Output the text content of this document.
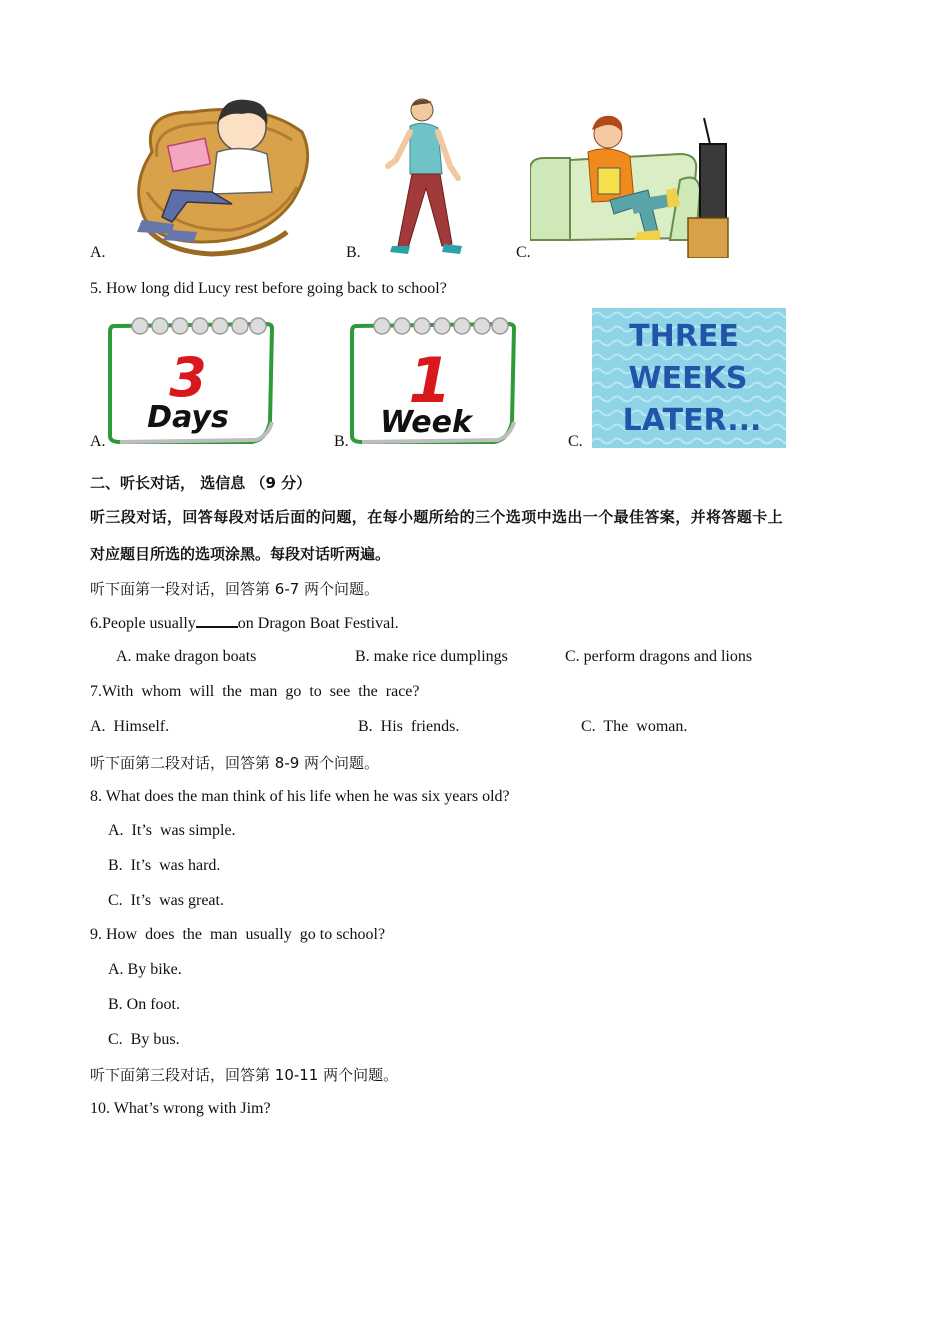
A.	B.	C.
5. How long did Lucy rest before going back to school?
3
Days
A.
1
Week
B.
THREE
WEEKS
LATER...
C.
二、听长对话， 选信息 （9 分）
听三段对话，回答每段对话后面的问题，在每小题所给的三个选项中选出一个最佳答案，并将答题卡上
对应题目所选的选项涂黑。每段对话听两遍。
听下面第一段对话，回答第 6-7 两个问题。
6.People usually	on Dragon Boat Festival.
A. make dragon boats	B. make rice dumplings	C. perform dragons and lions
7.With  whom  will  the  man  go  to  see  the  race?
A.  Himself.	B.  His  friends.	C.  The  woman.
听下面第二段对话，回答第 8-9 两个问题。
8. What does the man think of his life when he was six years old?
A.  It’s  was simple.
B.  It’s  was hard.
C.  It’s  was great.
9. How  does  the  man  usually  go to school?
A. By bike.
B. On foot.
C.  By bus.
听下面第三段对话，回答第 10-11 两个问题。
10. What’s wrong with Jim?
